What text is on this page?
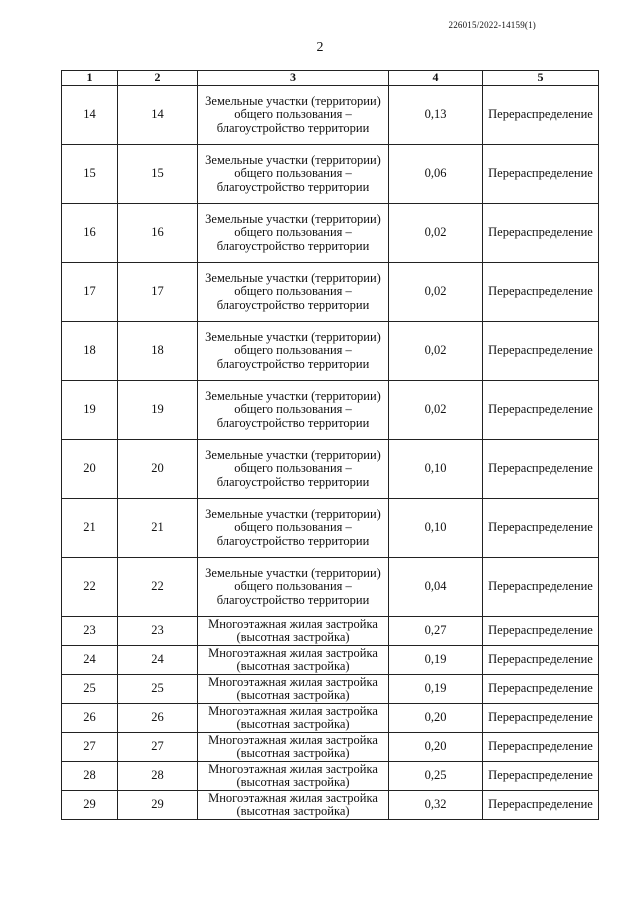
226015/2022-14159(1)
2
1	2	3	4	5
14	14	Земельные участки (территории) общего пользования – благоустройство территории	0,13	Перераспределение
15	15	Земельные участки (территории) общего пользования – благоустройство территории	0,06	Перераспределение
16	16	Земельные участки (территории) общего пользования – благоустройство территории	0,02	Перераспределение
17	17	Земельные участки (территории) общего пользования – благоустройство территории	0,02	Перераспределение
18	18	Земельные участки (территории) общего пользования – благоустройство территории	0,02	Перераспределение
19	19	Земельные участки (территории) общего пользования – благоустройство территории	0,02	Перераспределение
20	20	Земельные участки (территории) общего пользования – благоустройство территории	0,10	Перераспределение
21	21	Земельные участки (территории) общего пользования – благоустройство территории	0,10	Перераспределение
22	22	Земельные участки (территории) общего пользования – благоустройство территории	0,04	Перераспределение
23	23	Многоэтажная жилая застройка (высотная застройка)	0,27	Перераспределение
24	24	Многоэтажная жилая застройка (высотная застройка)	0,19	Перераспределение
25	25	Многоэтажная жилая застройка (высотная застройка)	0,19	Перераспределение
26	26	Многоэтажная жилая застройка (высотная застройка)	0,20	Перераспределение
27	27	Многоэтажная жилая застройка (высотная застройка)	0,20	Перераспределение
28	28	Многоэтажная жилая застройка (высотная застройка)	0,25	Перераспределение
29	29	Многоэтажная жилая застройка (высотная застройка)	0,32	Перераспределение
